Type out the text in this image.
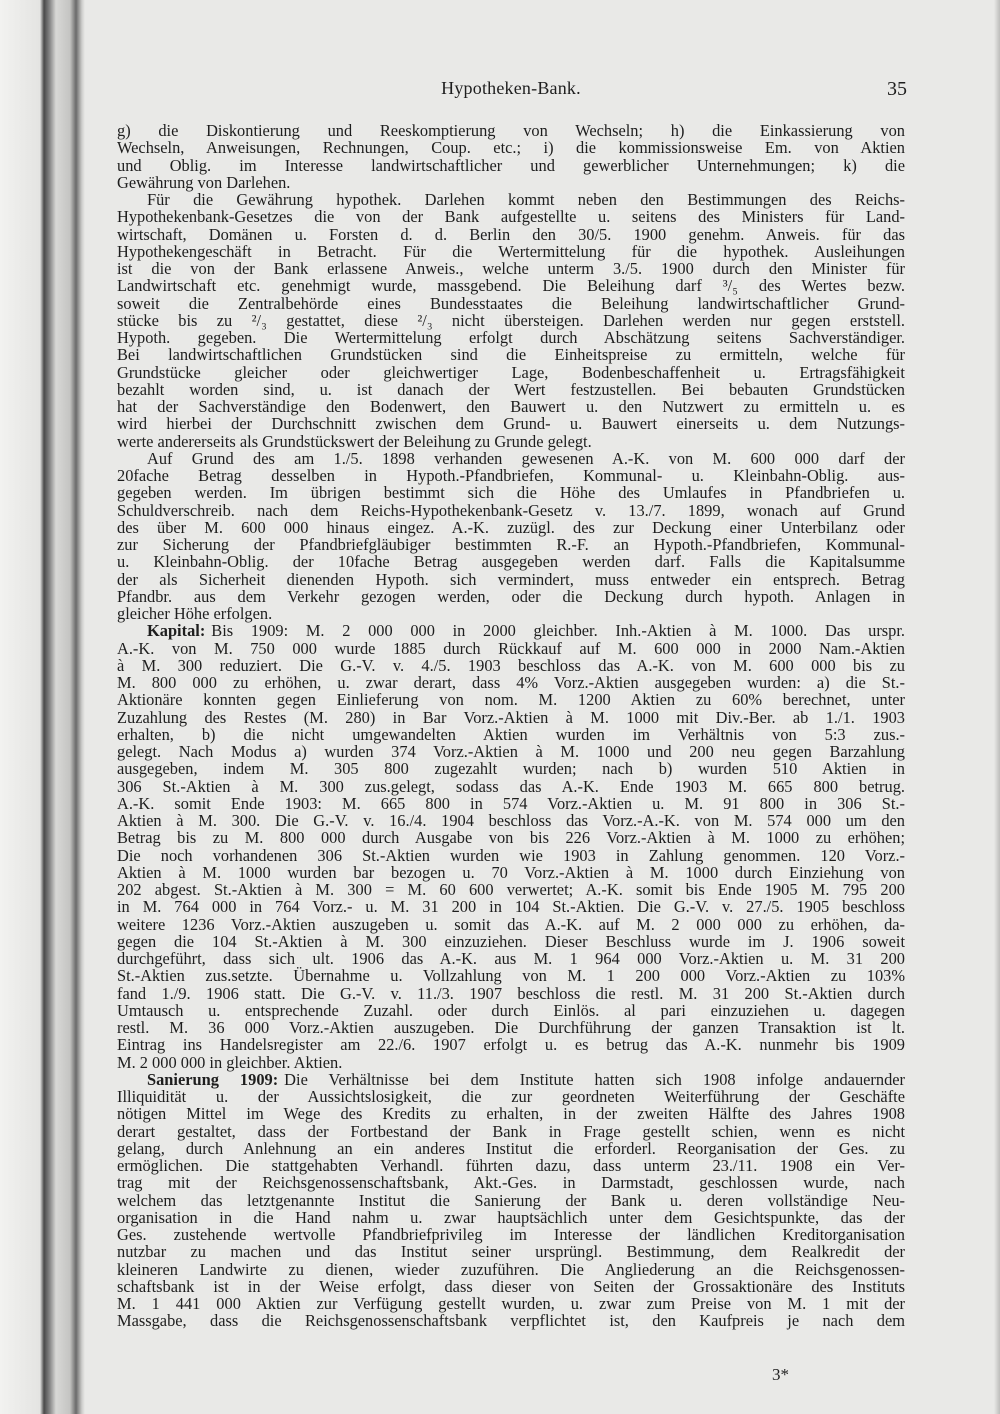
Hypotheken-Bank.	35
g) die Diskontierung und Reeskomptierung von Wechseln; h) die Einkassierung von
Wechseln, Anweisungen, Rechnungen, Coup. etc.; i) die kommissionsweise Em. von Aktien
und Oblig. im Interesse landwirtschaftlicher und gewerblicher Unternehmungen; k) die
Gewährung von Darlehen.
Für die Gewährung hypothek. Darlehen kommt neben den Bestimmungen des Reichs-
Hypothekenbank-Gesetzes die von der Bank aufgestellte u. seitens des Ministers für Land-
wirtschaft, Domänen u. Forsten d. d. Berlin den 30/5. 1900 genehm. Anweis. für das
Hypothekengeschäft in Betracht. Für die Wertermittelung für die hypothek. Ausleihungen
ist die von der Bank erlassene Anweis., welche unterm 3./5. 1900 durch den Minister für
Landwirtschaft etc. genehmigt wurde, massgebend. Die Beleihung darf ³/₅ des Wertes bezw.
soweit die Zentralbehörde eines Bundesstaates die Beleihung landwirtschaftlicher Grund-
stücke bis zu ²/₃ gestattet, diese ²/₃ nicht übersteigen. Darlehen werden nur gegen erststell.
Hypoth. gegeben. Die Wertermittelung erfolgt durch Abschätzung seitens Sachverständiger.
Bei landwirtschaftlichen Grundstücken sind die Einheitspreise zu ermitteln, welche für
Grundstücke gleicher oder gleichwertiger Lage, Bodenbeschaffenheit u. Ertragsfähigkeit
bezahlt worden sind, u. ist danach der Wert festzustellen. Bei bebauten Grundstücken
hat der Sachverständige den Bodenwert, den Bauwert u. den Nutzwert zu ermitteln u. es
wird hierbei der Durchschnitt zwischen dem Grund- u. Bauwert einerseits u. dem Nutzungs-
werte andererseits als Grundstückswert der Beleihung zu Grunde gelegt.
Auf Grund des am 1./5. 1898 verhanden gewesenen A.-K. von M. 600 000 darf der
20fache Betrag desselben in Hypoth.-Pfandbriefen, Kommunal- u. Kleinbahn-Oblig. aus-
gegeben werden. Im übrigen bestimmt sich die Höhe des Umlaufes in Pfandbriefen u.
Schuldverschreib. nach dem Reichs-Hypothekenbank-Gesetz v. 13./7. 1899, wonach auf Grund
des über M. 600 000 hinaus eingez. A.-K. zuzügl. des zur Deckung einer Unterbilanz oder
zur Sicherung der Pfandbriefgläubiger bestimmten R.-F. an Hypoth.-Pfandbriefen, Kommunal-
u. Kleinbahn-Oblig. der 10fache Betrag ausgegeben werden darf. Falls die Kapitalsumme
der als Sicherheit dienenden Hypoth. sich vermindert, muss entweder ein entsprech. Betrag
Pfandbr. aus dem Verkehr gezogen werden, oder die Deckung durch hypoth. Anlagen in
gleicher Höhe erfolgen.
Kapital: Bis 1909: M. 2 000 000 in 2000 gleichber. Inh.-Aktien à M. 1000. Das urspr.
A.-K. von M. 750 000 wurde 1885 durch Rückkauf auf M. 600 000 in 2000 Nam.-Aktien
à M. 300 reduziert. Die G.-V. v. 4./5. 1903 beschloss das A.-K. von M. 600 000 bis zu
M. 800 000 zu erhöhen, u. zwar derart, dass 4% Vorz.-Aktien ausgegeben wurden: a) die St.-
Aktionäre konnten gegen Einlieferung von nom. M. 1200 Aktien zu 60% berechnet, unter
Zuzahlung des Restes (M. 280) in Bar Vorz.-Aktien à M. 1000 mit Div.-Ber. ab 1./1. 1903
erhalten, b) die nicht umgewandelten Aktien wurden im Verhältnis von 5:3 zus.-
gelegt. Nach Modus a) wurden 374 Vorz.-Aktien à M. 1000 und 200 neu gegen Barzahlung
ausgegeben, indem M. 305 800 zugezahlt wurden; nach b) wurden 510 Aktien in
306 St.-Aktien à M. 300 zus.gelegt, sodass das A.-K. Ende 1903 M. 665 800 betrug.
A.-K. somit Ende 1903: M. 665 800 in 574 Vorz.-Aktien u. M. 91 800 in 306 St.-
Aktien à M. 300. Die G.-V. v. 16./4. 1904 beschloss das Vorz.-A.-K. von M. 574 000 um den
Betrag bis zu M. 800 000 durch Ausgabe von bis 226 Vorz.-Aktien à M. 1000 zu erhöhen;
Die noch vorhandenen 306 St.-Aktien wurden wie 1903 in Zahlung genommen. 120 Vorz.-
Aktien à M. 1000 wurden bar bezogen u. 70 Vorz.-Aktien à M. 1000 durch Einziehung von
202 abgest. St.-Aktien à M. 300 = M. 60 600 verwertet; A.-K. somit bis Ende 1905 M. 795 200
in M. 764 000 in 764 Vorz.- u. M. 31 200 in 104 St.-Aktien. Die G.-V. v. 27./5. 1905 beschloss
weitere 1236 Vorz.-Aktien auszugeben u. somit das A.-K. auf M. 2 000 000 zu erhöhen, da-
gegen die 104 St.-Aktien à M. 300 einzuziehen. Dieser Beschluss wurde im J. 1906 soweit
durchgeführt, dass sich ult. 1906 das A.-K. aus M. 1 964 000 Vorz.-Aktien u. M. 31 200
St.-Aktien zus.setzte. Übernahme u. Vollzahlung von M. 1 200 000 Vorz.-Aktien zu 103%
fand 1./9. 1906 statt. Die G.-V. v. 11./3. 1907 beschloss die restl. M. 31 200 St.-Aktien durch
Umtausch u. entsprechende Zuzahl. oder durch Einlös. al pari einzuziehen u. dagegen
restl. M. 36 000 Vorz.-Aktien auszugeben. Die Durchführung der ganzen Transaktion ist lt.
Eintrag ins Handelsregister am 22./6. 1907 erfolgt u. es betrug das A.-K. nunmehr bis 1909
M. 2 000 000 in gleichber. Aktien.
Sanierung 1909: Die Verhältnisse bei dem Institute hatten sich 1908 infolge andauernder
Illiquidität u. der Aussichtslosigkeit, die zur geordneten Weiterführung der Geschäfte
nötigen Mittel im Wege des Kredits zu erhalten, in der zweiten Hälfte des Jahres 1908
derart gestaltet, dass der Fortbestand der Bank in Frage gestellt schien, wenn es nicht
gelang, durch Anlehnung an ein anderes Institut die erforderl. Reorganisation der Ges. zu
ermöglichen. Die stattgehabten Verhandl. führten dazu, dass unterm 23./11. 1908 ein Ver-
trag mit der Reichsgenossenschaftsbank, Akt.-Ges. in Darmstadt, geschlossen wurde, nach
welchem das letztgenannte Institut die Sanierung der Bank u. deren vollständige Neu-
organisation in die Hand nahm u. zwar hauptsächlich unter dem Gesichtspunkte, das der
Ges. zustehende wertvolle Pfandbriefprivileg im Interesse der ländlichen Kreditorganisation
nutzbar zu machen und das Institut seiner ursprüngl. Bestimmung, dem Realkredit der
kleineren Landwirte zu dienen, wieder zuzuführen. Die Angliederung an die Reichsgenossen-
schaftsbank ist in der Weise erfolgt, dass dieser von Seiten der Grossaktionäre des Instituts
M. 1 441 000 Aktien zur Verfügung gestellt wurden, u. zwar zum Preise von M. 1 mit der
Massgabe, dass die Reichsgenossenschaftsbank verpflichtet ist, den Kaufpreis je nach dem
3*
